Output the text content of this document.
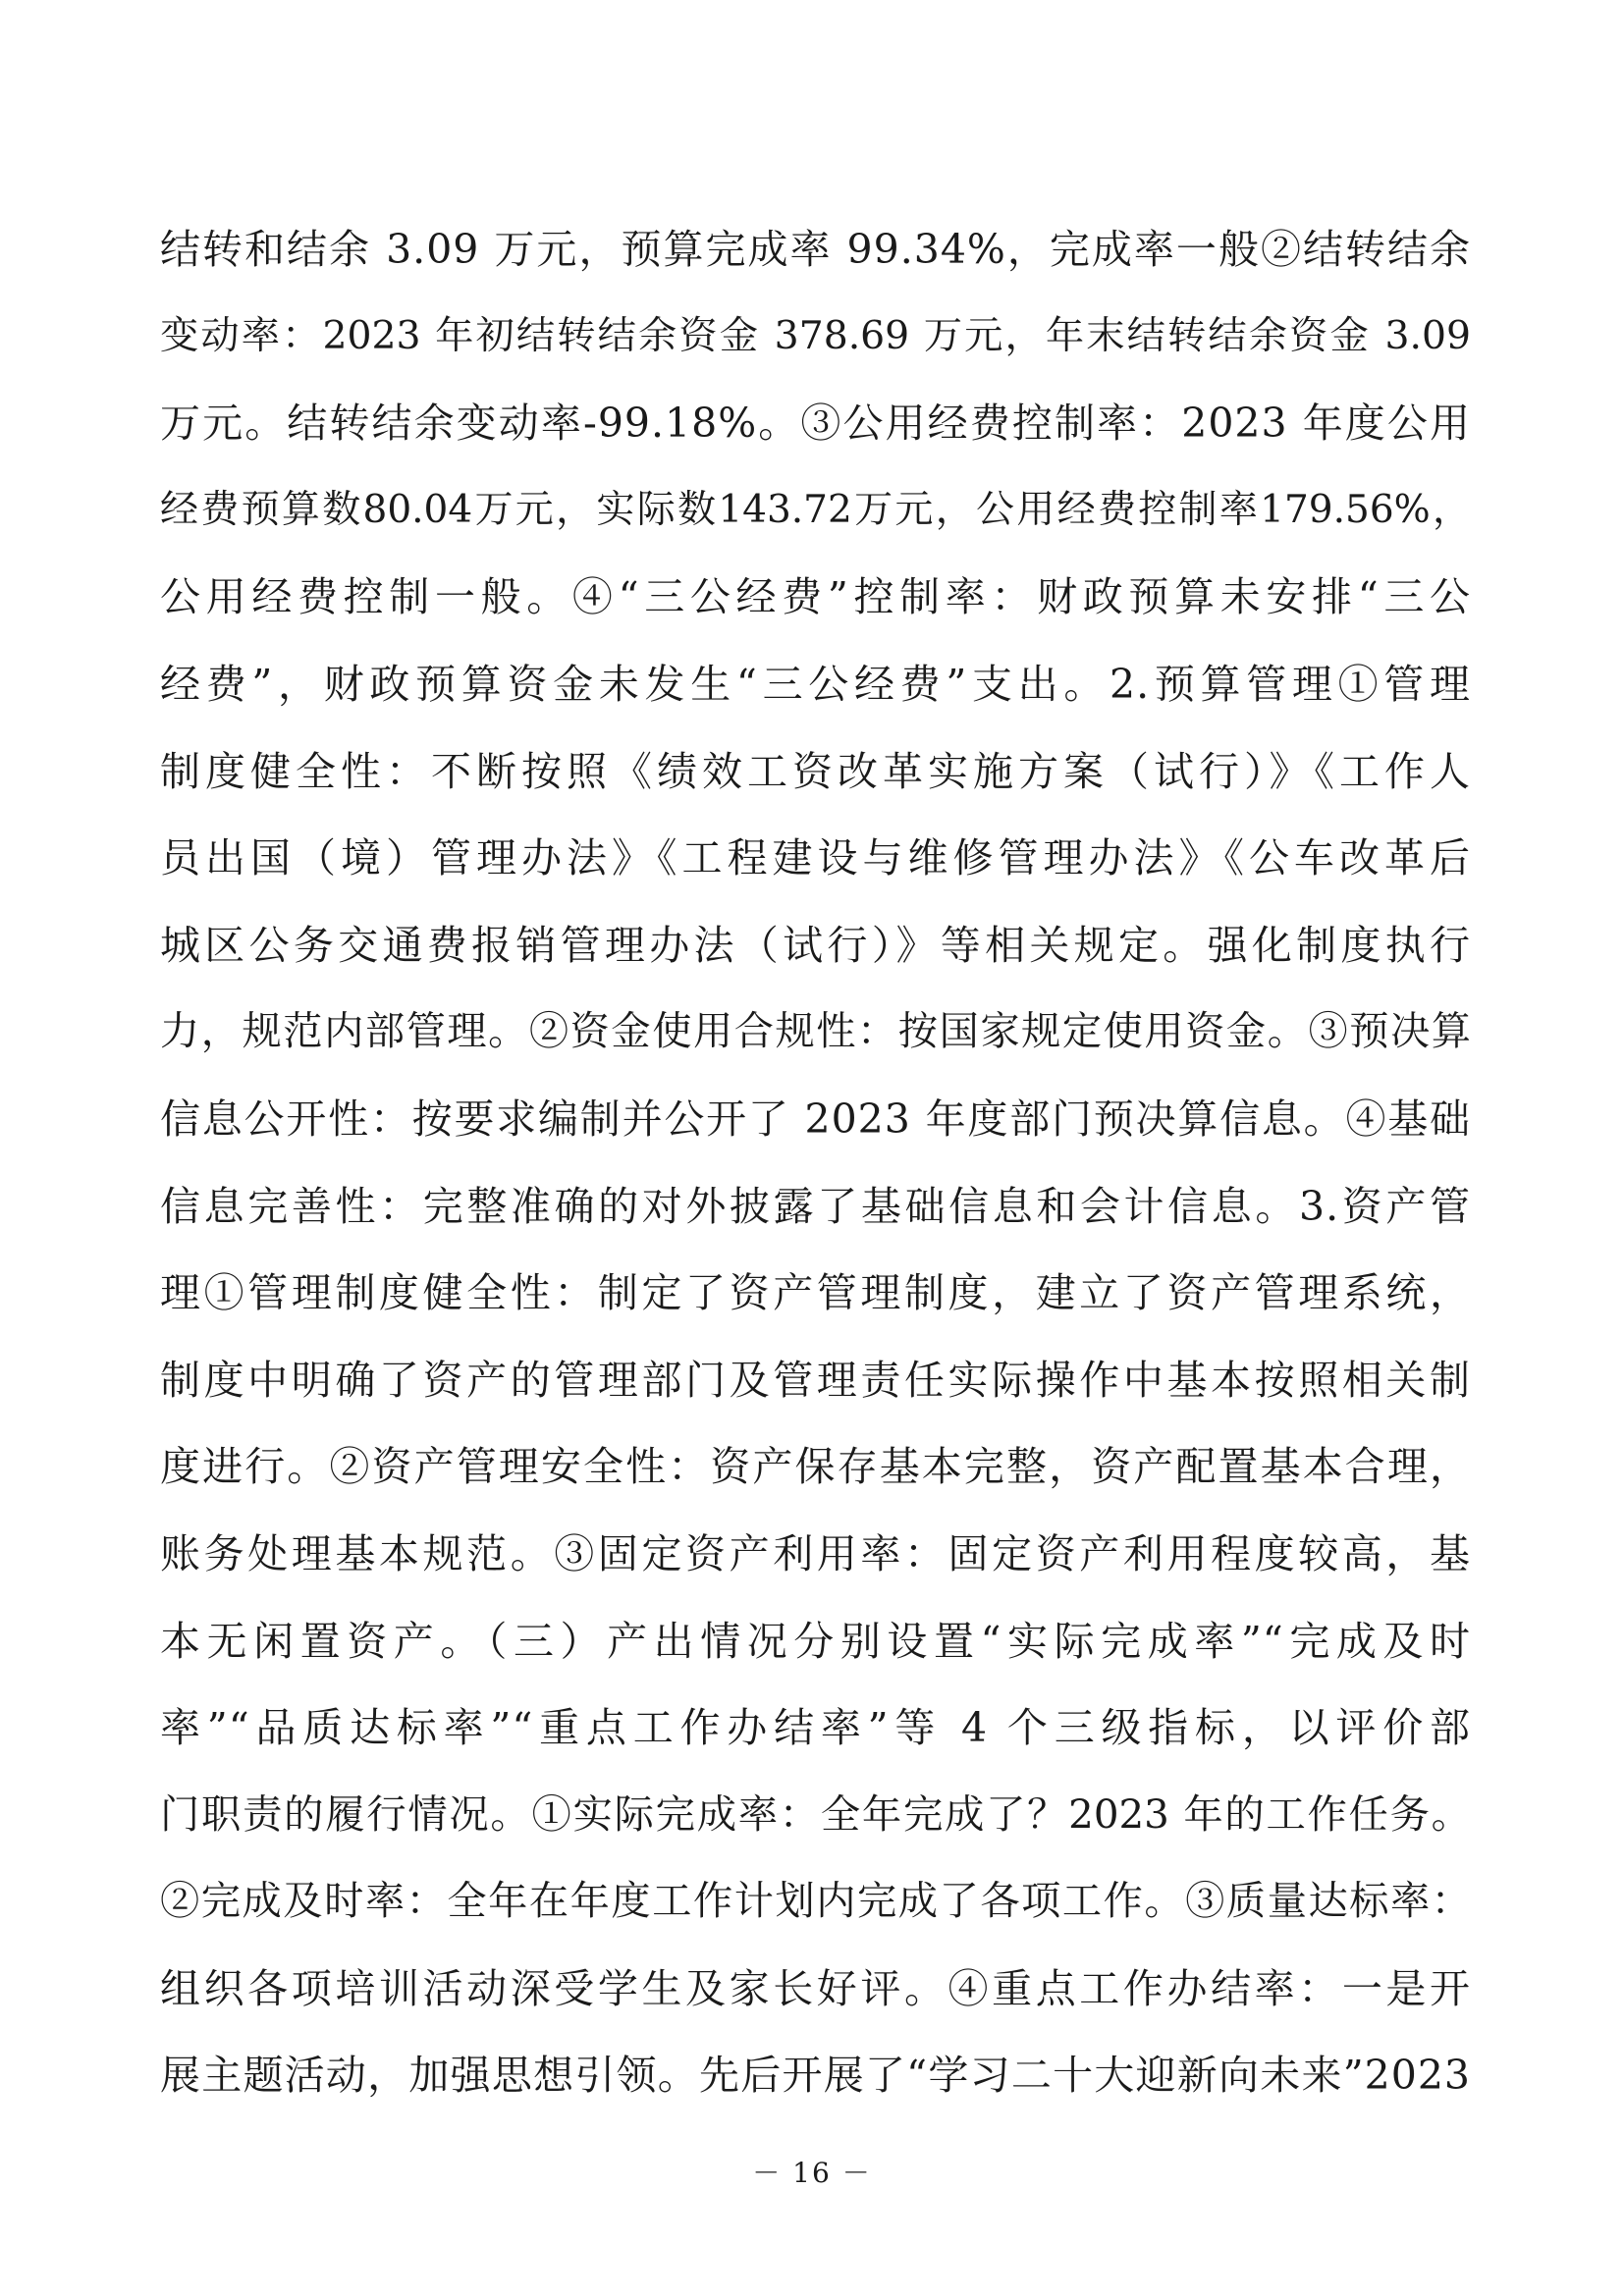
结转和结余 3.09 万元，预算完成率 99.34%，完成率一般②结转结余
变动率：2023 年初结转结余资金 378.69 万元，年末结转结余资金 3.09
万元。结转结余变动率-99.18%。③公用经费控制率：2023 年度公用
经费预算数80.04万元，实际数143.72万元，公用经费控制率179.56%，
公用经费控制一般。④“三公经费”控制率：财政预算未安排“三公
经费”，财政预算资金未发生“三公经费”支出。2.预算管理①管理
制度健全性：不断按照《绩效工资改革实施方案（试行）》《工作人
员出国（境）管理办法》《工程建设与维修管理办法》《公车改革后
城区公务交通费报销管理办法（试行）》等相关规定。强化制度执行
力，规范内部管理。②资金使用合规性：按国家规定使用资金。③预决算
信息公开性：按要求编制并公开了 2023 年度部门预决算信息。④基础
信息完善性：完整准确的对外披露了基础信息和会计信息。3.资产管
理①管理制度健全性：制定了资产管理制度，建立了资产管理系统，
制度中明确了资产的管理部门及管理责任实际操作中基本按照相关制
度进行。②资产管理安全性：资产保存基本完整，资产配置基本合理，
账务处理基本规范。③固定资产利用率：固定资产利用程度较高，基
本无闲置资产。（三）产出情况分别设置“实际完成率”“完成及时
率”“品质达标率”“重点工作办结率”等 4 个三级指标，以评价部
门职责的履行情况。①实际完成率：全年完成了？2023 年的工作任务。
②完成及时率：全年在年度工作计划内完成了各项工作。③质量达标率：
组织各项培训活动深受学生及家长好评。④重点工作办结率：一是开
展主题活动，加强思想引领。先后开展了“学习二十大迎新向未来”2023
－ 16 －
